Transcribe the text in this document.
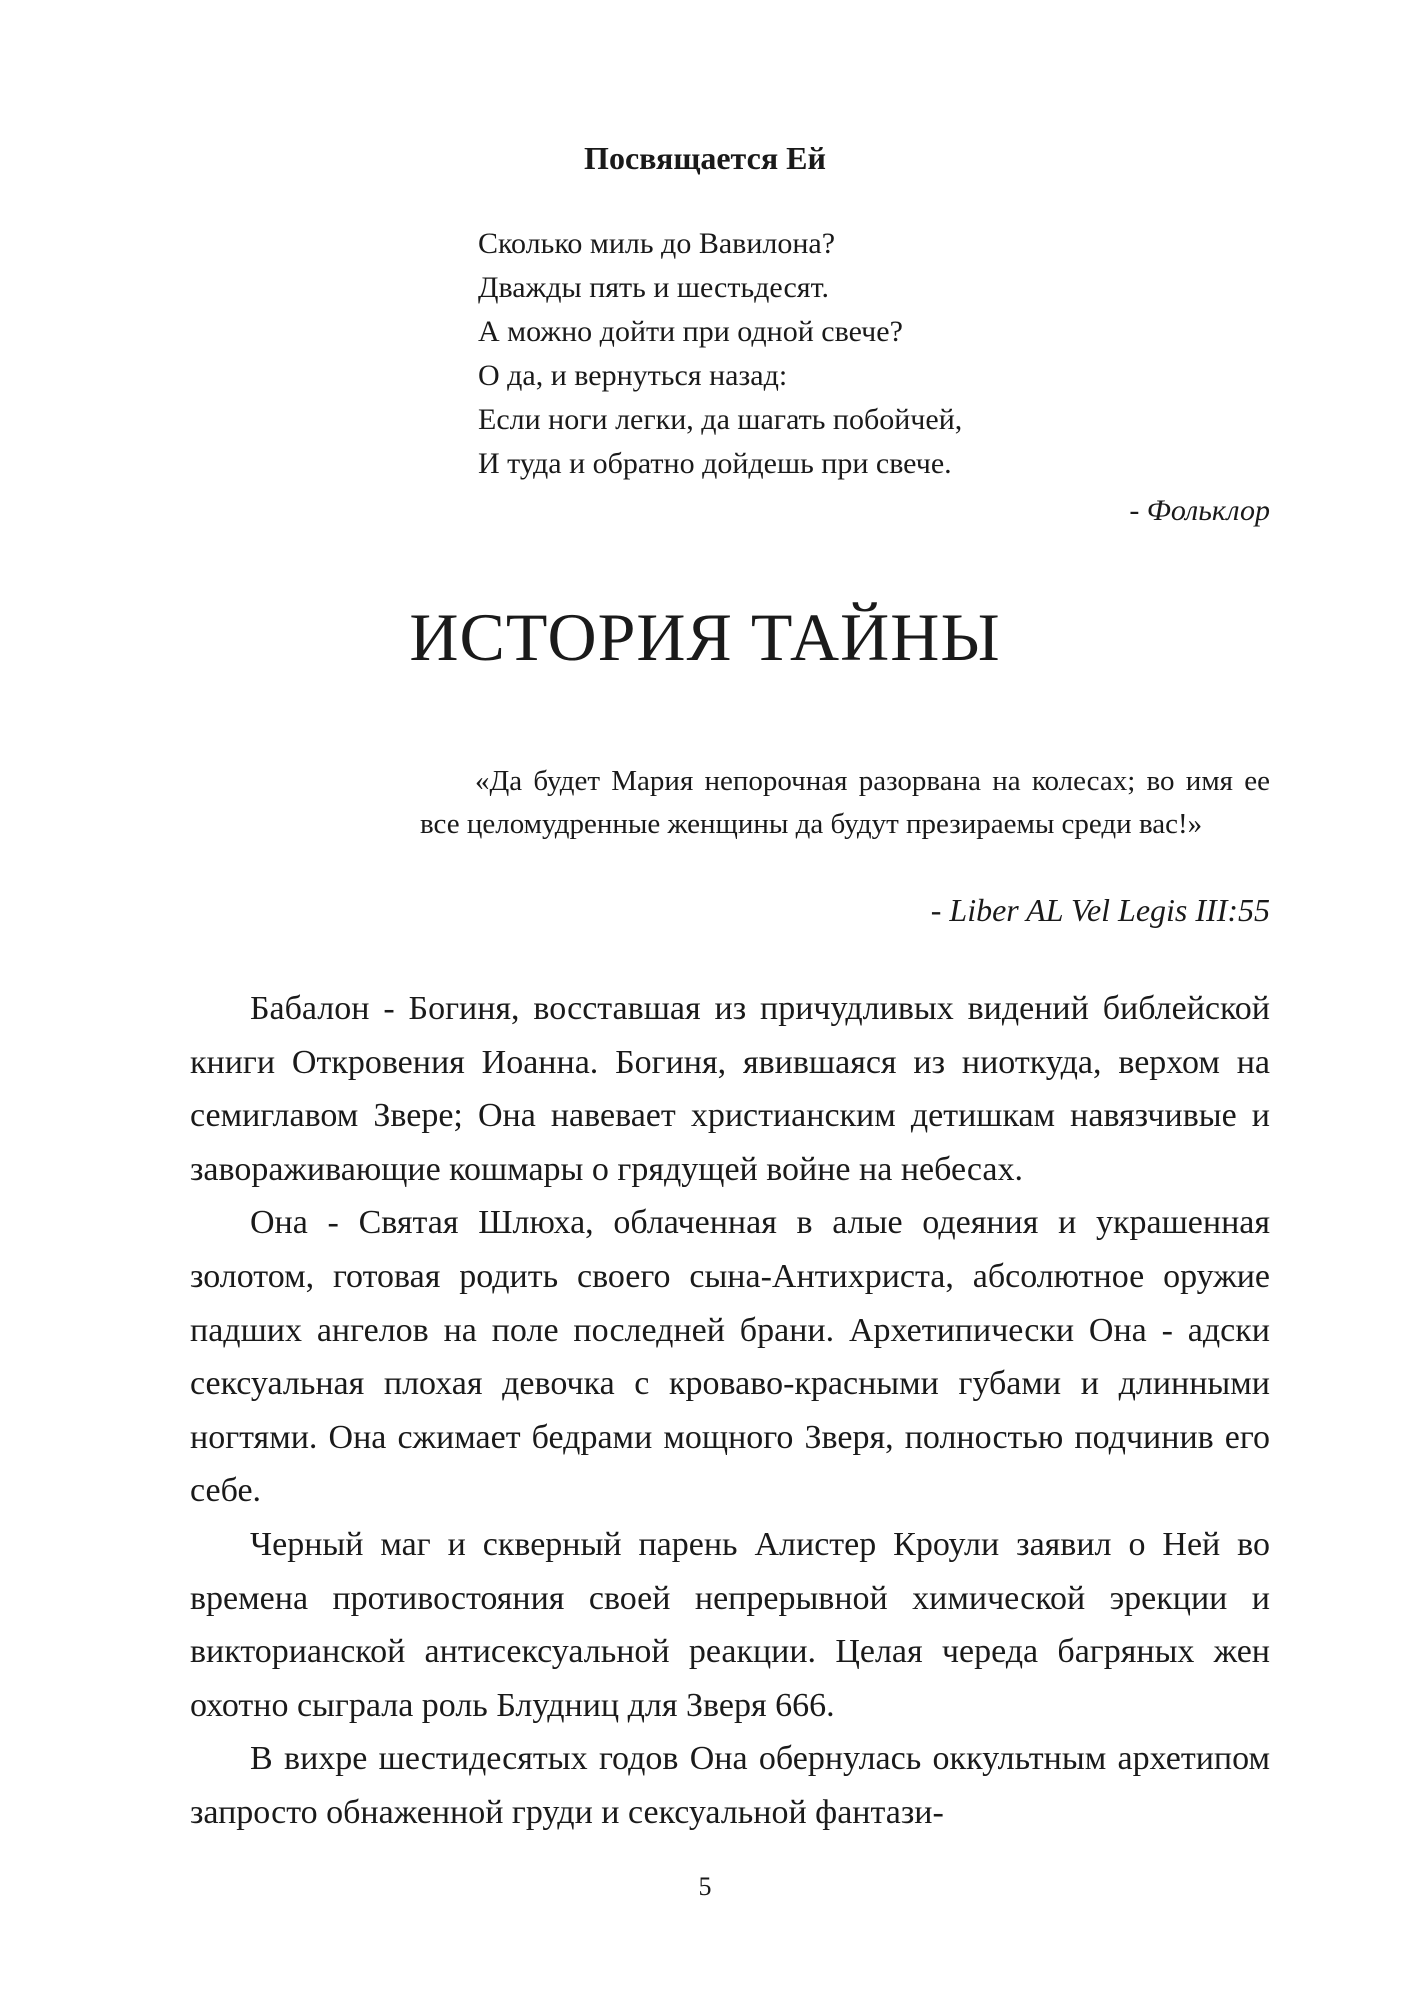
Посвящается Ей
Сколько миль до Вавилона?
Дважды пять и шестьдесят.
А можно дойти при одной свече?
О да, и вернуться назад:
Если ноги легки, да шагать побойчей,
И туда и обратно дойдешь при свече.

- Фольклор

ИСТОРИЯ ТАЙНЫ

«Да будет Мария непорочная разорвана на колесах; во имя ее все целомудренные женщины да будут презираемы среди вас!»

- Liber AL Vel Legis III:55

Бабалон - Богиня, восставшая из причудливых видений библейской книги Откровения Иоанна. Богиня, явившаяся из ниоткуда, верхом на семиглавом Звере; Она навевает христианским детишкам навязчивые и завораживающие кошмары о грядущей войне на небесах.

Она - Святая Шлюха, облаченная в алые одеяния и украшенная золотом, готовая родить своего сына-Антихриста, абсолютное оружие падших ангелов на поле последней брани. Архетипически Она - адски сексуальная плохая девочка с кроваво-красными губами и длинными ногтями. Она сжимает бедрами мощного Зверя, полностью подчинив его себе.

Черный маг и скверный парень Алистер Кроули заявил о Ней во времена противостояния своей непрерывной химической эрекции и викторианской антисексуальной реакции. Целая череда багряных жен охотно сыграла роль Блудниц для Зверя 666.

В вихре шестидесятых годов Она обернулась оккультным архетипом запросто обнаженной груди и сексуальной фантази-

5
